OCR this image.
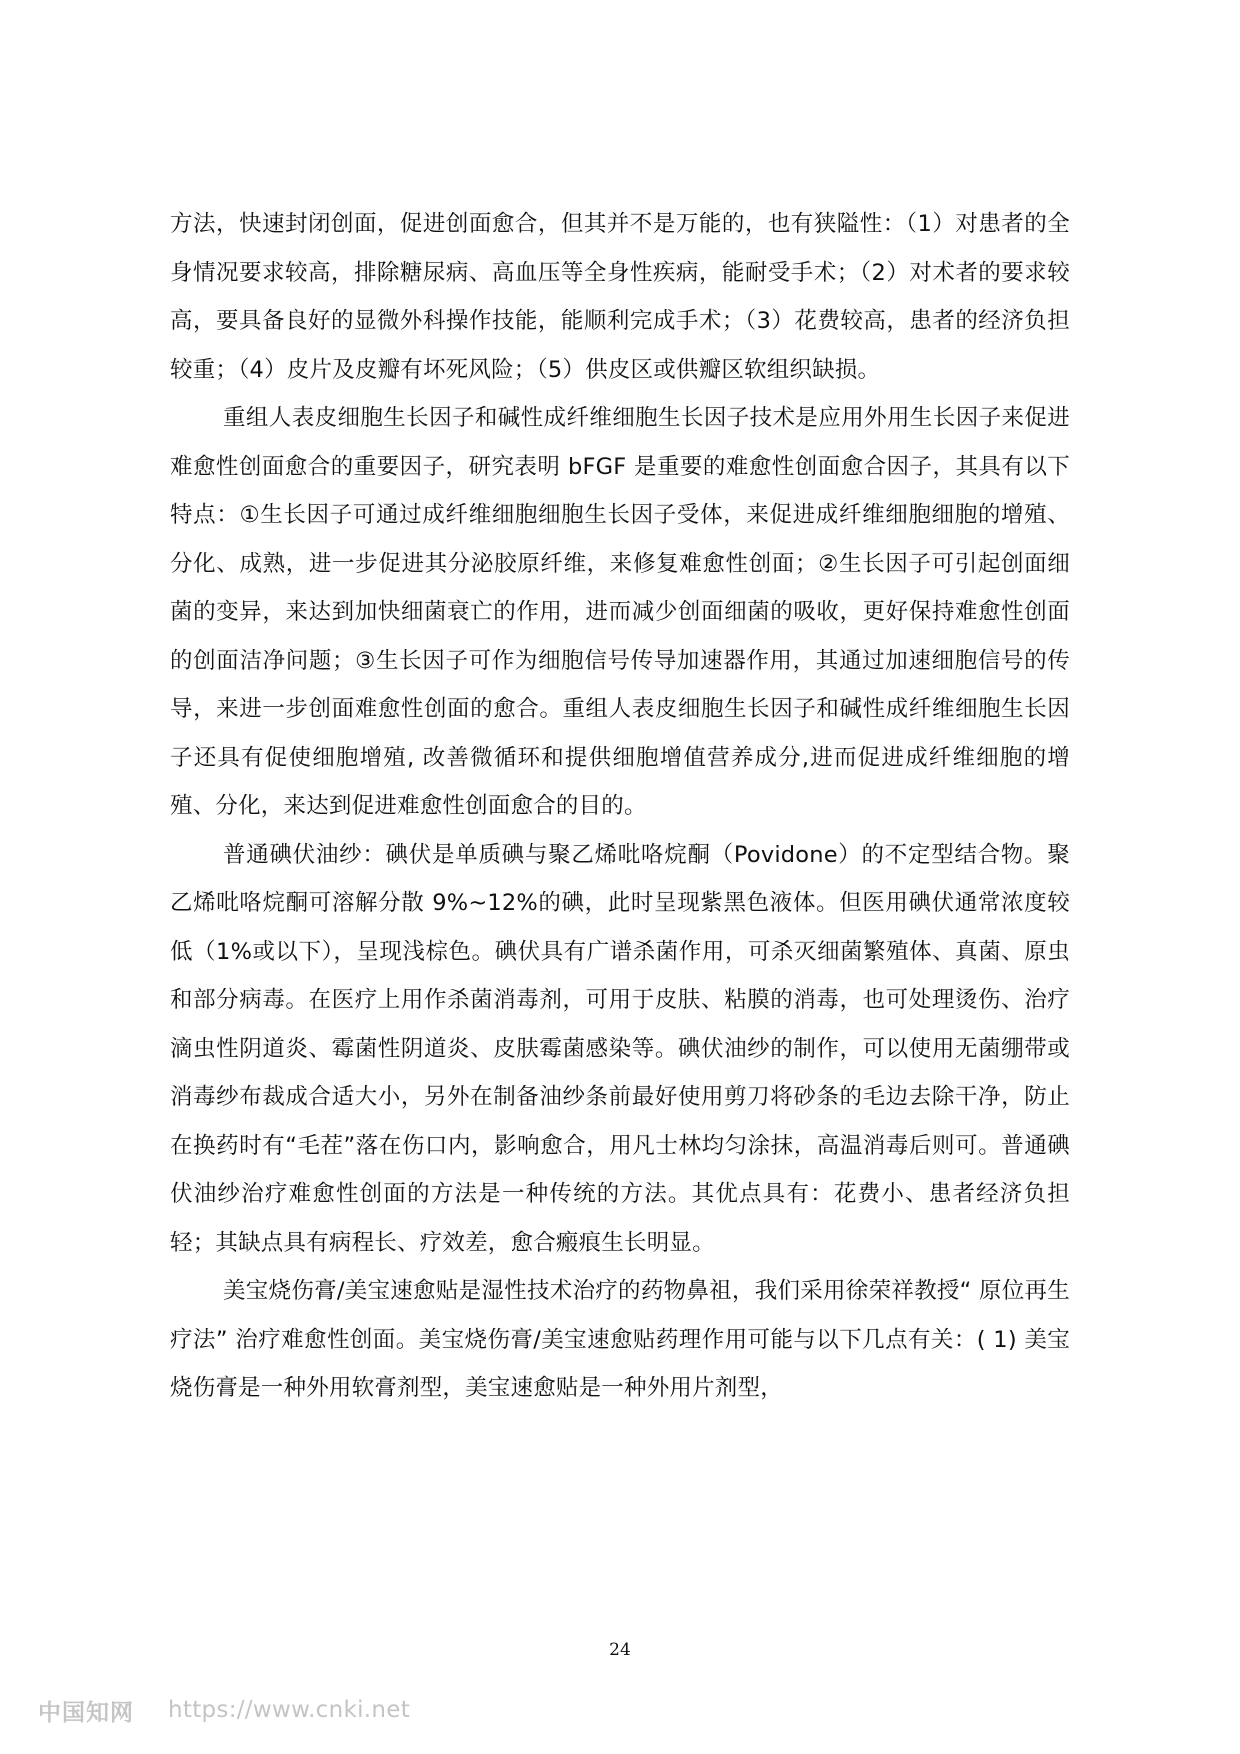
方法，快速封闭创面，促进创面愈合，但其并不是万能的，也有狭隘性：（1）对患者的全身情况要求较高，排除糖尿病、高血压等全身性疾病，能耐受手术；（2）对术者的要求较高，要具备良好的显微外科操作技能，能顺利完成手术；（3）花费较高，患者的经济负担较重；（4）皮片及皮瓣有坏死风险；（5）供皮区或供瓣区软组织缺损。

重组人表皮细胞生长因子和碱性成纤维细胞生长因子技术是应用外用生长因子来促进难愈性创面愈合的重要因子，研究表明 bFGF 是重要的难愈性创面愈合因子，其具有以下特点：①生长因子可通过成纤维细胞细胞生长因子受体，来促进成纤维细胞细胞的增殖、分化、成熟，进一步促进其分泌胶原纤维，来修复难愈性创面；②生长因子可引起创面细菌的变异，来达到加快细菌衰亡的作用，进而减少创面细菌的吸收，更好保持难愈性创面的创面洁净问题；③生长因子可作为细胞信号传导加速器作用，其通过加速细胞信号的传导，来进一步创面难愈性创面的愈合。重组人表皮细胞生长因子和碱性成纤维细胞生长因子还具有促使细胞增殖, 改善微循环和提供细胞增值营养成分,进而促进成纤维细胞的增殖、分化，来达到促进难愈性创面愈合的目的。

普通碘伏油纱：碘伏是单质碘与聚乙烯吡咯烷酮（Povidone）的不定型结合物。聚乙烯吡咯烷酮可溶解分散 9%~12%的碘，此时呈现紫黑色液体。但医用碘伏通常浓度较低（1%或以下），呈现浅棕色。碘伏具有广谱杀菌作用，可杀灭细菌繁殖体、真菌、原虫和部分病毒。在医疗上用作杀菌消毒剂，可用于皮肤、粘膜的消毒，也可处理烫伤、治疗滴虫性阴道炎、霉菌性阴道炎、皮肤霉菌感染等。碘伏油纱的制作，可以使用无菌绷带或消毒纱布裁成合适大小，另外在制备油纱条前最好使用剪刀将砂条的毛边去除干净，防止在换药时有“毛茬”落在伤口内，影响愈合，用凡士林均匀涂抹，高温消毒后则可。普通碘伏油纱治疗难愈性创面的方法是一种传统的方法。其优点具有：花费小、患者经济负担轻；其缺点具有病程长、疗效差，愈合瘢痕生长明显。

美宝烧伤膏/美宝速愈贴是湿性技术治疗的药物鼻祖，我们采用徐荣祥教授“ 原位再生疗法” 治疗难愈性创面。美宝烧伤膏/美宝速愈贴药理作用可能与以下几点有关：( 1) 美宝烧伤膏是一种外用软膏剂型，美宝速愈贴是一种外用片剂型，

24
中国知网 https://www.cnki.net
